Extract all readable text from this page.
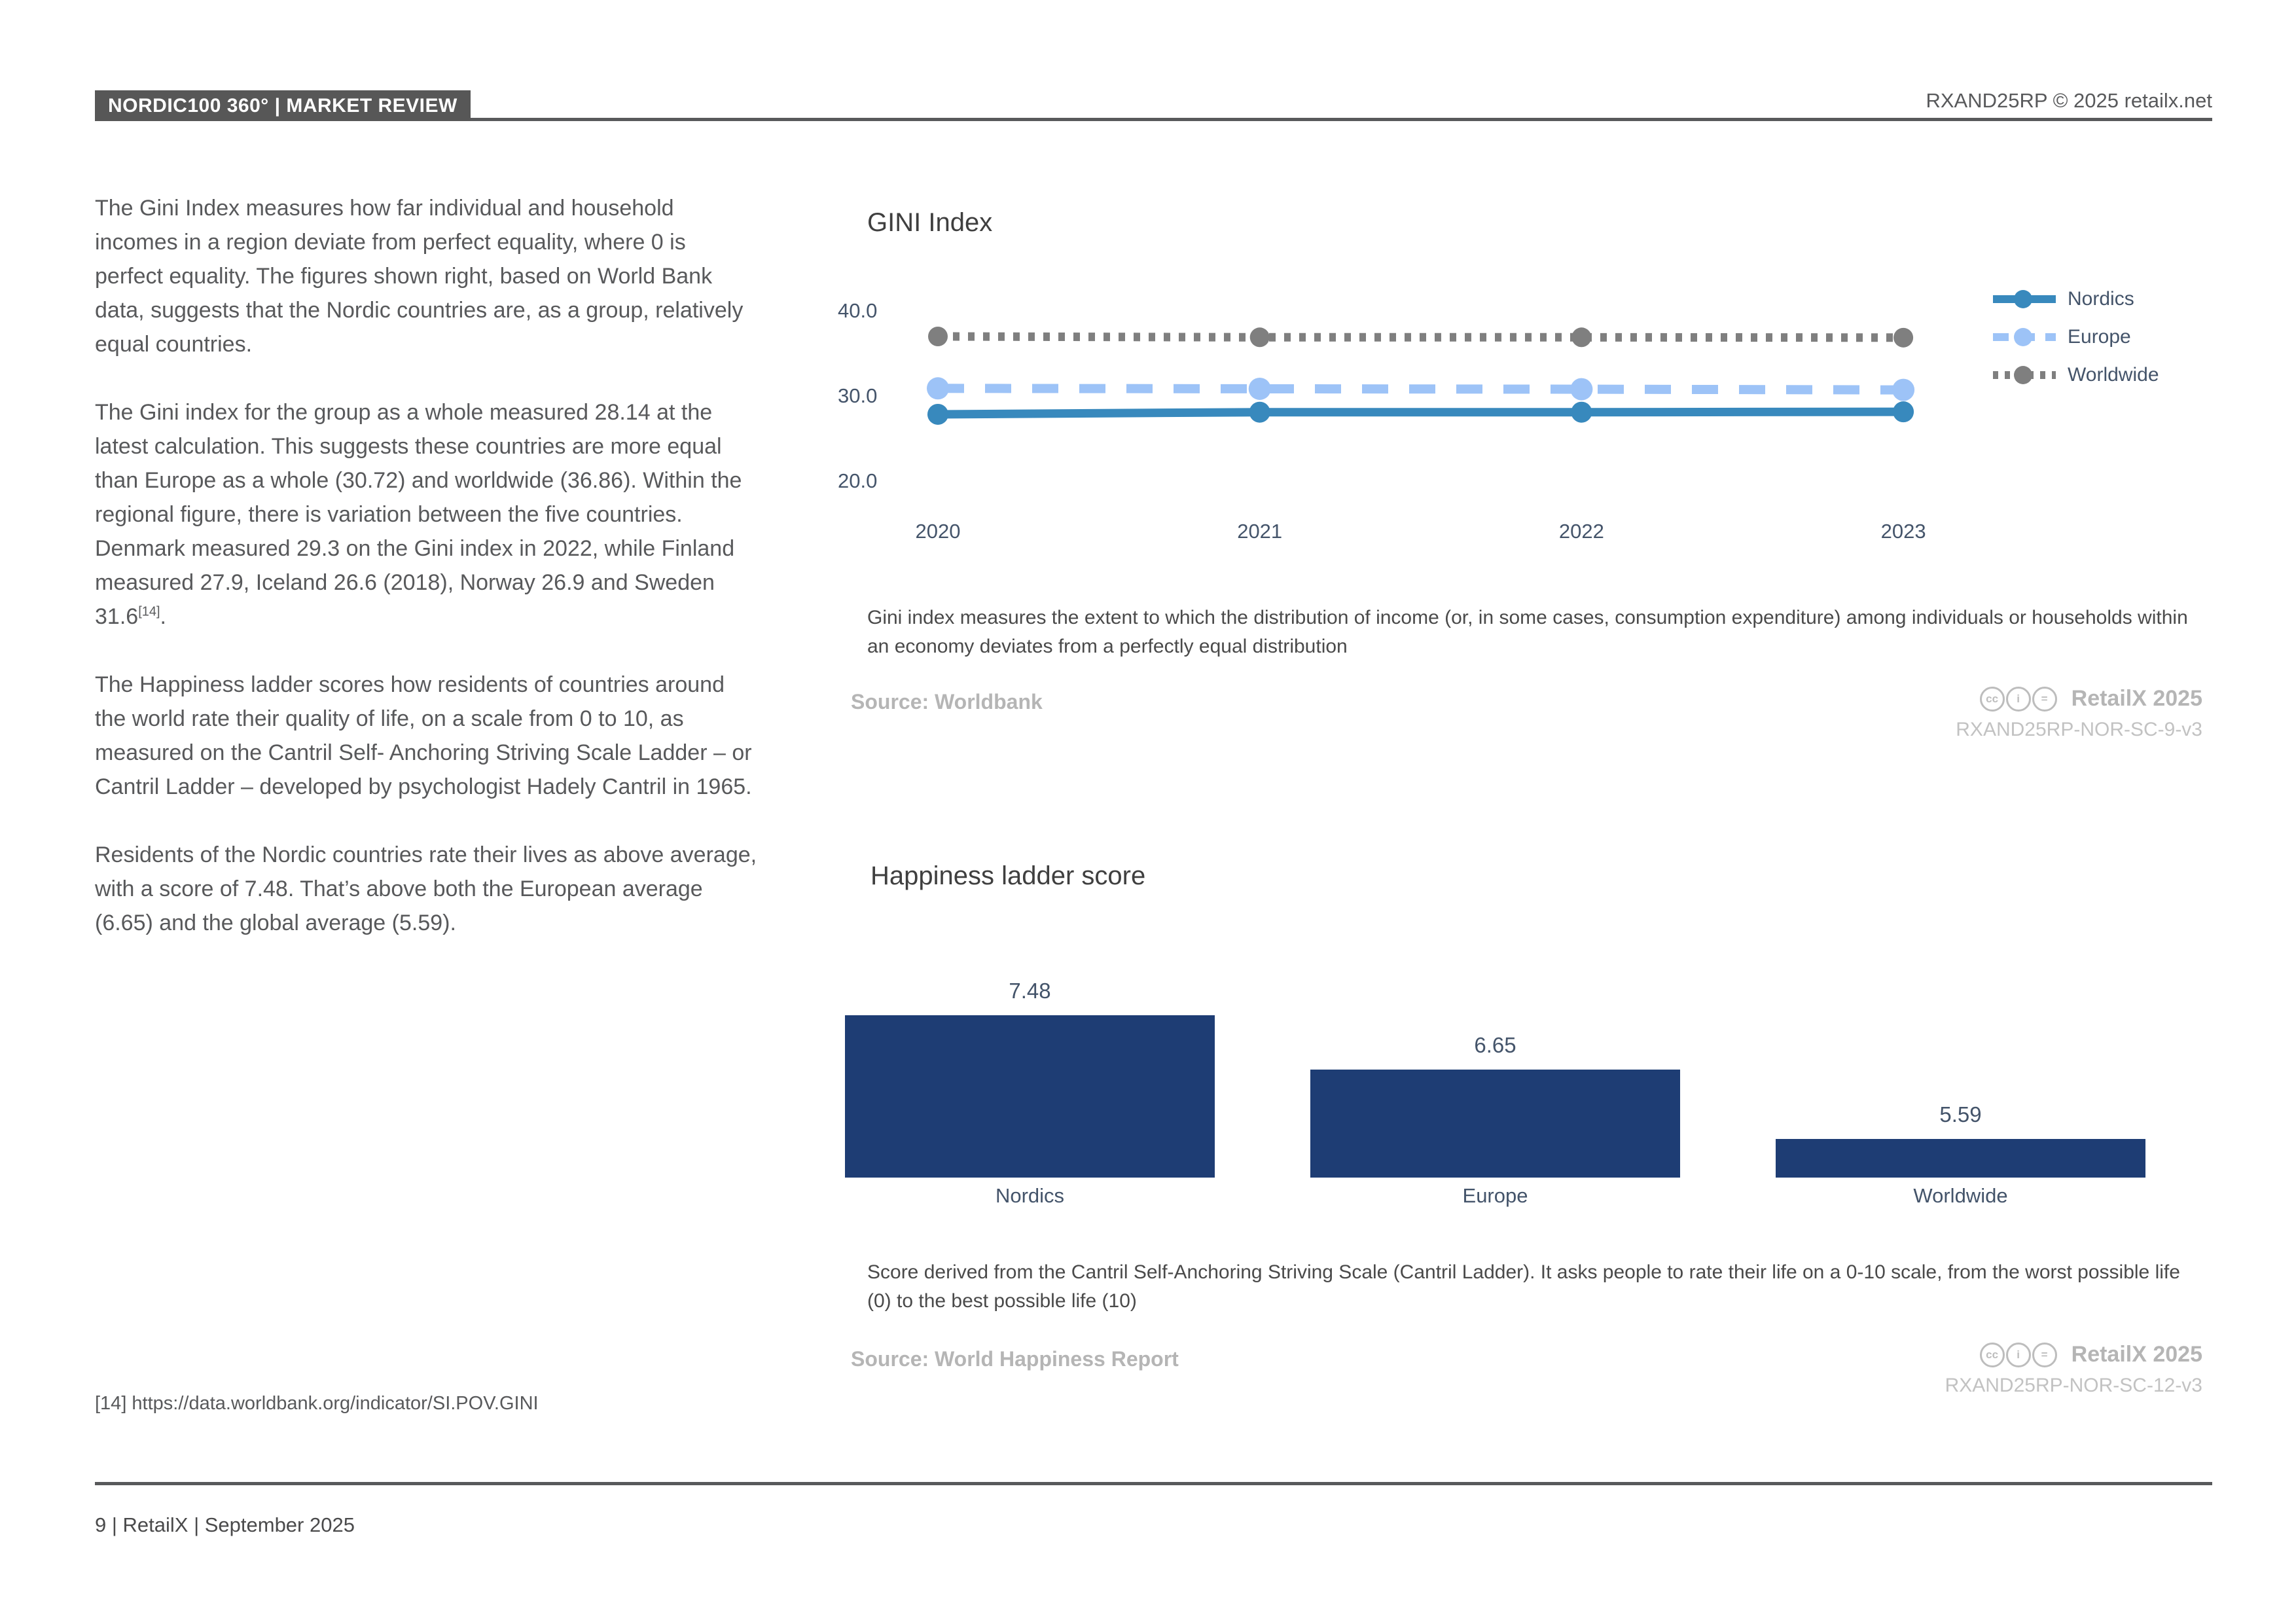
NORDIC100 360° | MARKET REVIEW	RXAND25RP © 2025 retailx.net

The Gini Index measures how far individual and household incomes in a region deviate from perfect equality, where 0 is perfect equality. The figures shown right, based on World Bank data, suggests that the Nordic countries are, as a group, relatively equal countries.

The Gini index for the group as a whole measured 28.14 at the latest calculation. This suggests these countries are more equal than Europe as a whole (30.72) and worldwide (36.86). Within the regional figure, there is variation between the five countries. Denmark measured 29.3 on the Gini index in 2022, while Finland measured 27.9, Iceland 26.6 (2018), Norway 26.9 and Sweden 31.6[14].

The Happiness ladder scores how residents of countries around the world rate their quality of life, on a scale from 0 to 10, as measured on the Cantril Self- Anchoring Striving Scale Ladder – or Cantril Ladder – developed by psychologist Hadely Cantril in 1965.

Residents of the Nordic countries rate their lives as above average, with a score of 7.48. That’s above both the European average (6.65) and the global average (5.59).

GINI Index
40.0
30.0
20.0
2020	2021	2022	2023
Nordics
Europe
Worldwide
Gini index measures the extent to which the distribution of income (or, in some cases, consumption expenditure) among individuals or households within an economy deviates from a perfectly equal distribution
Source: Worldbank	cc	i	=	RetailX 2025
RXAND25RP-NOR-SC-9-v3
Happiness ladder score
7.48
Nordics
6.65
Europe
5.59
Worldwide
Score derived from the Cantril Self-Anchoring Striving Scale (Cantril Ladder). It asks people to rate their life on a 0-10 scale, from the worst possible life (0) to the best possible life (10)
Source: World Happiness Report	cc	i	=	RetailX 2025
RXAND25RP-NOR-SC-12-v3
[14] https://data.worldbank.org/indicator/SI.POV.GINI
9 | RetailX | September 2025
